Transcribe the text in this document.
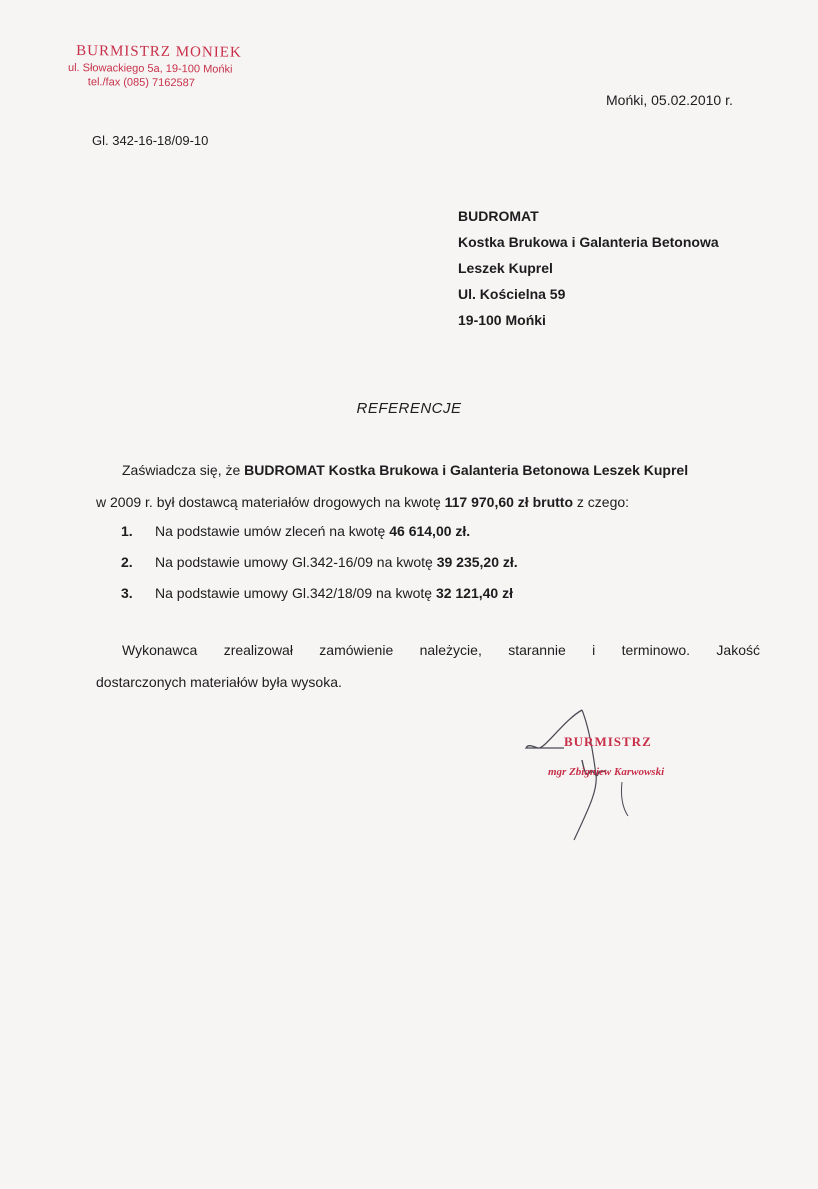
BURMISTRZ MONIEK
ul. Słowackiego 5a, 19-100 Mońki
tel./fax (085) 7162587
Mońki, 05.02.2010 r.
Gl. 342-16-18/09-10
BUDROMAT
Kostka Brukowa i Galanteria Betonowa
Leszek Kuprel
Ul. Kościelna 59
19-100 Mońki
REFERENCJE
Zaświadcza się, że BUDROMAT Kostka Brukowa i Galanteria Betonowa Leszek Kuprel
w 2009 r. był dostawcą materiałów drogowych na kwotę 117 970,60 zł brutto z czego:
1.	Na podstawie umów zleceń na kwotę
46 614,00 zł.
2.	Na podstawie umowy Gl.342-16/09 na kwotę
39 235,20 zł.
3.	Na podstawie umowy Gl.342/18/09 na kwotę
32 121,40 zł
Wykonawca zrealizował zamówienie należycie, starannie i terminowo. Jakość
dostarczonych materiałów była wysoka.
BURMISTRZ
mgr Zbigniew Karwowski
